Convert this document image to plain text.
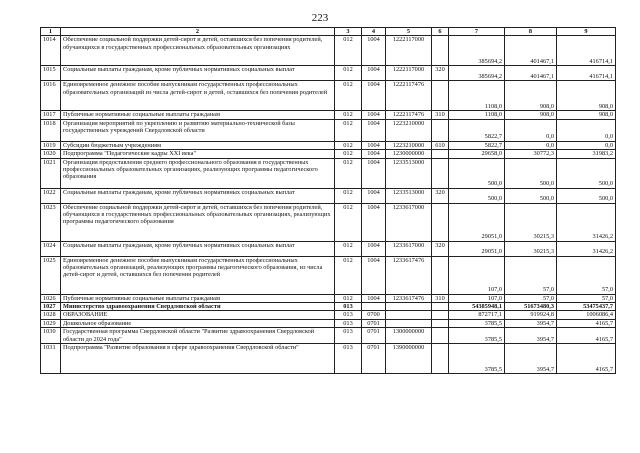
223
1	2	3	4	5	6	7	8	9
1014	Обеспечение социальной поддержки детей-сирот и детей, оставшихся без попечения родителей, обучающихся в государственных профессиональных образовательных организациях	012	1004	1222117000		385694,2	401467,1	416714,1
1015	Социальные выплаты гражданам, кроме публичных нормативных социальных выплат	012	1004	1222117000	320	385694,2	401467,1	416714,1
1016	Единовременное денежное пособие выпускникам государственных профессиональных образовательных организаций из числа детей-сирот и детей, оставшихся без попечения родителей	012	1004	1222117476		1108,0	908,0	908,0
1017	Публичные нормативные социальные выплаты гражданам	012	1004	1222117476	310	1108,0	908,0	908,0
1018	Организация мероприятий по укреплению и развитию материально-технической базы государственных учреждений Свердловской области	012	1004	1223210000		5822,7	0,0	0,0
1019	Субсидии бюджетным учреждениям	012	1004	1223210000	610	5822,7	0,0	0,0
1020	Подпрограмма "Педагогические кадры XXI века"	012	1004	1230000000		29658,0	30772,3	31983,2
1021	Организация предоставления среднего профессионального образования в государственных профессиональных образовательных организациях, реализующих программы педагогического образования	012	1004	1233513000		500,0	500,0	500,0
1022	Социальные выплаты гражданам, кроме публичных нормативных социальных выплат	012	1004	1233513000	320	500,0	500,0	500,0
1023	Обеспечение социальной поддержки детей-сирот и детей, оставшихся без попечения родителей, обучающихся в государственных профессиональных образовательных организациях, реализующих программы педагогического образования	012	1004	1233617000		29051,0	30215,3	31426,2
1024	Социальные выплаты гражданам, кроме публичных нормативных социальных выплат	012	1004	1233617000	320	29051,0	30215,3	31426,2
1025	Единовременное денежное пособие выпускникам государственных профессиональных образовательных организаций, реализующих программы педагогического образования, из числа детей-сирот и детей, оставшихся без попечения родителей	012	1004	1233617476		107,0	57,0	57,0
1026	Публичные нормативные социальные выплаты гражданам	012	1004	1233617476	310	107,0	57,0	57,0
1027	Министерство здравоохранения Свердловской области	013				54385948,1	51673480,3	53475437,7
1028	ОБРАЗОВАНИЕ	013	0700			872717,1	919924,8	1006086,4
1029	Дошкольное образование	013	0701			3785,5	3954,7	4165,7
1030	Государственная программа Свердловской области "Развитие здравоохранения Свердловской области до 2024 года"	013	0701	1300000000		3785,5	3954,7	4165,7
1031	Подпрограмма "Развитие образования в сфере здравоохранения Свердловской области"	013	0701	1390000000		3785,5	3954,7	4165,7
